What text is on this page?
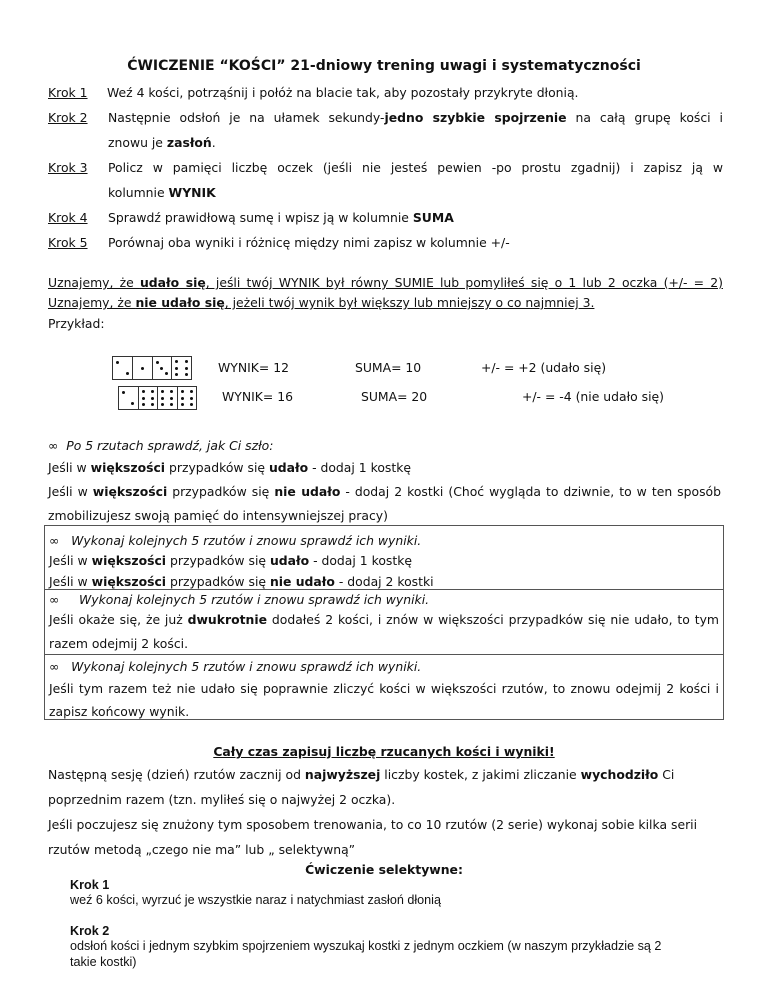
ĆWICZENIE “KOŚCI” 21-dniowy trening uwagi i systematyczności
Krok 1 Weź 4 kości, potrząśnij i połóż na blacie tak, aby pozostały przykryte dłonią.
Krok 2 Następnie odsłoń je na ułamek sekundy-jedno szybkie spojrzenie na całą grupę kości i
znowu je zasłoń.
Krok 3 Policz w pamięci liczbę oczek (jeśli nie jesteś pewien -po prostu zgadnij) i zapisz ją w
kolumnie WYNIK
Krok 4 Sprawdź prawidłową sumę i wpisz ją w kolumnie SUMA
Krok 5 Porównaj oba wyniki i różnicę między nimi zapisz w kolumnie +/-
Uznajemy, że udało się, jeśli twój WYNIK był równy SUMIE lub pomyliłeś się o 1 lub 2 oczka (+/- = 2)
Uznajemy, że nie udało się, jeżeli twój wynik był większy lub mniejszy o co najmniej 3.
Przykład:
WYNIK= 12	SUMA= 10	+/- = +2 (udało się)
WYNIK= 16	SUMA= 20	+/- = -4 (nie udało się)
∞ Po 5 rzutach sprawdź, jak Ci szło:
Jeśli w większości przypadków się udało - dodaj 1 kostkę
Jeśli w większości przypadków się nie udało - dodaj 2 kostki (Choć wygląda to dziwnie, to w ten sposób
zmobilizujesz swoją pamięć do intensywniejszej pracy)
∞ Wykonaj kolejnych 5 rzutów i znowu sprawdź ich wyniki.
Jeśli w większości przypadków się udało - dodaj 1 kostkę
Jeśli w większości przypadków się nie udało - dodaj 2 kostki
∞ Wykonaj kolejnych 5 rzutów i znowu sprawdź ich wyniki.
Jeśli okaże się, że już dwukrotnie dodałeś 2 kości, i znów w większości przypadków się nie udało, to tym
razem odejmij 2 kości.
∞ Wykonaj kolejnych 5 rzutów i znowu sprawdź ich wyniki.
Jeśli tym razem też nie udało się poprawnie zliczyć kości w większości rzutów, to znowu odejmij 2 kości i
zapisz końcowy wynik.
Cały czas zapisuj liczbę rzucanych kości i wyniki!
Następną sesję (dzień) rzutów zacznij od najwyższej liczby kostek, z jakimi zliczanie wychodziło Ci
poprzednim razem (tzn. myliłeś się o najwyżej 2 oczka).
Jeśli poczujesz się znużony tym sposobem trenowania, to co 10 rzutów (2 serie) wykonaj sobie kilka serii
rzutów metodą „czego nie ma” lub „ selektywną”
Ćwiczenie selektywne:
Krok 1
weź 6 kości, wyrzuć je wszystkie naraz i natychmiast zasłoń dłonią
Krok 2
odsłoń kości i jednym szybkim spojrzeniem wyszukaj kostki z jednym oczkiem (w naszym przykładzie są 2
takie kostki)
